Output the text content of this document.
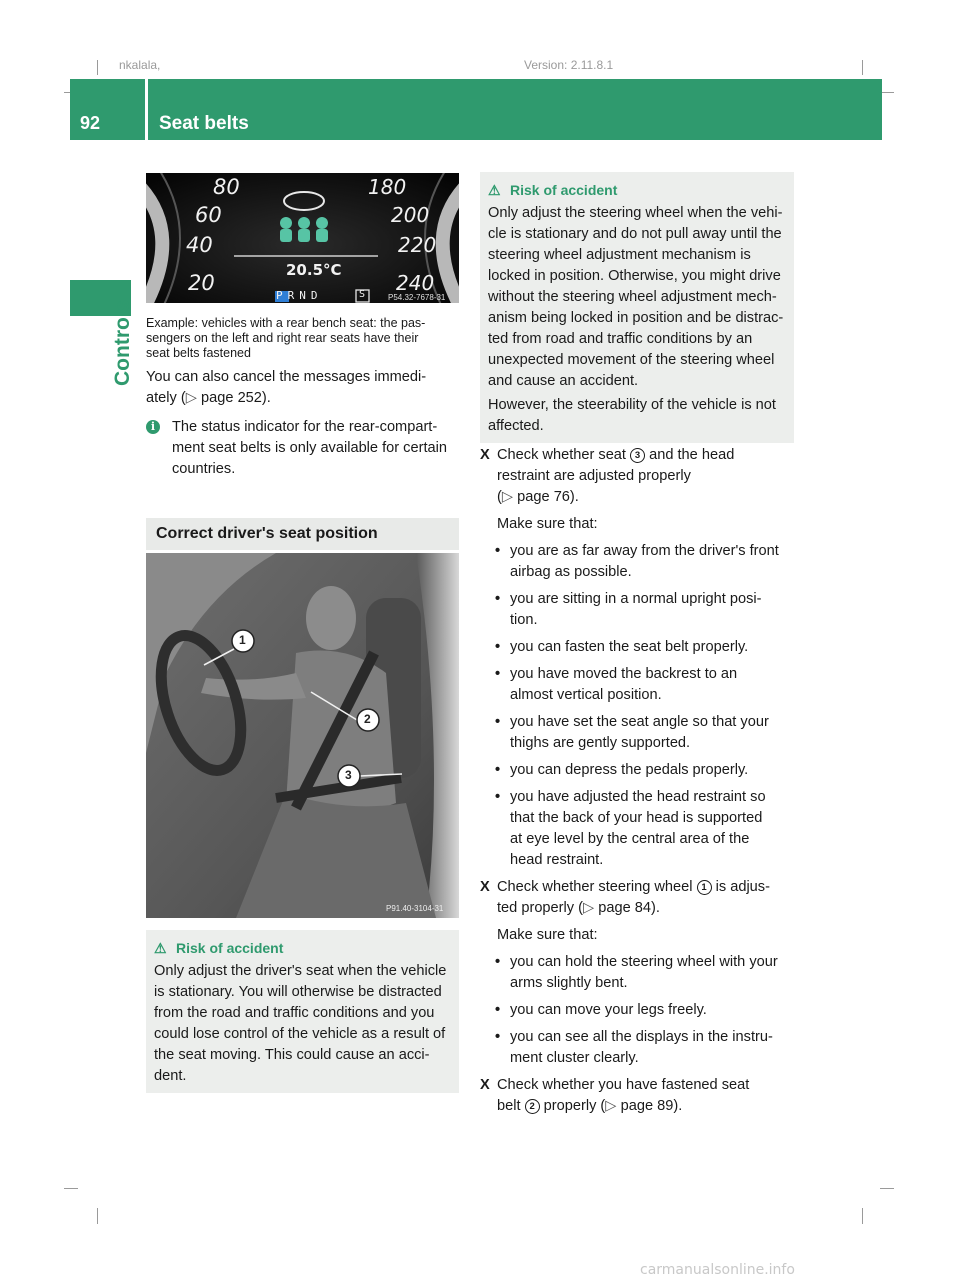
nkalala,	Version: 2.11.8.1
92	Seat belts
Controls
80
60
40
20
180
200
220
240
20.5°C
PRND	S	P54.32-7678-31

Example: vehicles with a rear bench seat: the pas-
sengers on the left and right rear seats have their
seat belts fastened

You can also cancel the messages immedi-
ately (▷ page 252).

i	The status indicator for the rear-compart-
ment seat belts is only available for certain
countries.
Correct driver's seat position
1
2
3
P91.40-3104-31
⚠ Risk of accident
Only adjust the driver's seat when the vehicle
is stationary. You will otherwise be distracted
from the road and traffic conditions and you
could lose control of the vehicle as a result of
the seat moving. This could cause an acci-
dent.
⚠ Risk of accident
Only adjust the steering wheel when the vehi-
cle is stationary and do not pull away until the
steering wheel adjustment mechanism is
locked in position. Otherwise, you might drive
without the steering wheel adjustment mech-
anism being locked in position and be distrac-
ted from road and traffic conditions by an
unexpected movement of the steering wheel
and cause an accident.

However, the steerability of the vehicle is not
affected.

X Check whether seat 3 and the head
restraint are adjusted properly
(▷ page 76).

Make sure that:

• you are as far away from the driver's front
airbag as possible.
• you are sitting in a normal upright posi-
tion.
• you can fasten the seat belt properly.
• you have moved the backrest to an
almost vertical position.
• you have set the seat angle so that your
thighs are gently supported.
• you can depress the pedals properly.
• you have adjusted the head restraint so
that the back of your head is supported
at eye level by the central area of the
head restraint.
X Check whether steering wheel 1 is adjus-
ted properly (▷ page 84).

Make sure that:

• you can hold the steering wheel with your
arms slightly bent.
• you can move your legs freely.
• you can see all the displays in the instru-
ment cluster clearly.
X Check whether you have fastened seat
belt 2 properly (▷ page 89).
carmanualsonline.info
